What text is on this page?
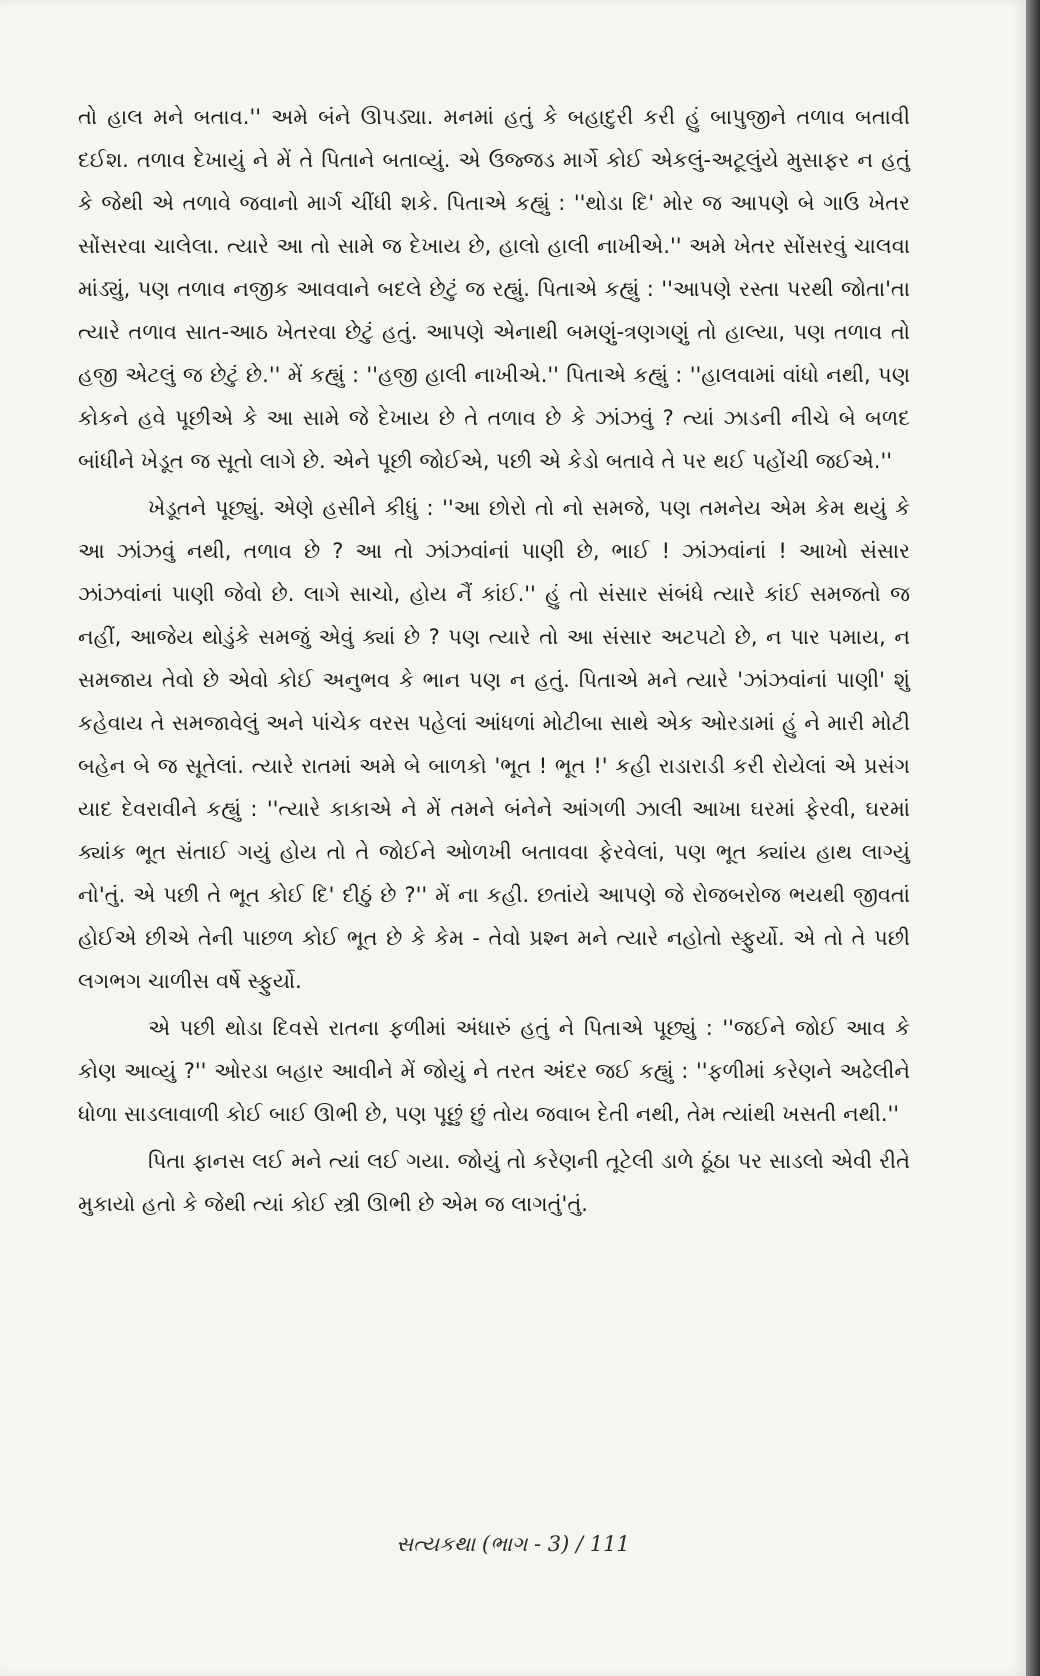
તો હાલ મને બતાવ.'' અમે બંને ઊપડ્યા. મનમાં હતું કે બહાદુરી કરી હું બાપુજીને તળાવ બતાવી દઈશ. તળાવ દેખાયું ને મેં તે પિતાને બતાવ્યું. એ ઉજ્જડ માર્ગે કોઈ એકલું-અટૂલુંયે મુસાફર ન હતું કે જેથી એ તળાવે જવાનો માર્ગ ચીંધી શકે. પિતાએ કહ્યું : ''થોડા દિ' મોર જ આપણે બે ગાઉ ખેતર સોંસરવા ચાલેલા. ત્યારે આ તો સામે જ દેખાય છે, હાલો હાલી નાખીએ.'' અમે ખેતર સોંસરવું ચાલવા માંડ્યું, પણ તળાવ નજીક આવવાને બદલે છેટું જ રહ્યું. પિતાએ કહ્યું : ''આપણે રસ્તા પરથી જોતા'તા ત્યારે તળાવ સાત-આઠ ખેતરવા છેટું હતું. આપણે એનાથી બમણું-ત્રણગણું તો હાલ્યા, પણ તળાવ તો હજી એટલું જ છેટું છે.'' મેં કહ્યું : ''હજી હાલી નાખીએ.'' પિતાએ કહ્યું : ''હાલવામાં વાંધો નથી, પણ કોકને હવે પૂછીએ કે આ સામે જે દેખાય છે તે તળાવ છે કે ઝાંઝવું ? ત્યાં ઝાડની નીચે બે બળદ બાંધીને ખેડૂત જ સૂતો લાગે છે. એને પૂછી જોઈએ, પછી એ કેડો બતાવે તે પર થઈ પહોંચી જઈએ.''

ખેડૂતને પૂછ્યું. એણે હસીને કીધું : ''આ છોરો તો નો સમજે, પણ તમનેય એમ કેમ થયું કે આ ઝાંઝવું નથી, તળાવ છે ? આ તો ઝાંઝવાંનાં પાણી છે, ભાઈ ! ઝાંઝવાંનાં ! આખો સંસાર ઝાંઝવાંનાં પાણી જેવો છે. લાગે સાચો, હોય નૈં કાંઈ.'' હું તો સંસાર સંબંધે ત્યારે કાંઈ સમજતો જ નહીં, આજેય થોડુંકે સમજું એવું ક્યાં છે ? પણ ત્યારે તો આ સંસાર અટપટો છે, ન પાર પમાય, ન સમજાય તેવો છે એવો કોઈ અનુભવ કે ભાન પણ ન હતું. પિતાએ મને ત્યારે 'ઝાંઝવાંનાં પાણી' શું કહેવાય તે સમજાવેલું અને પાંચેક વરસ પહેલાં આંધળાં મોટીબા સાથે એક ઓરડામાં હું ને મારી મોટી બહેન બે જ સૂતેલાં. ત્યારે રાતમાં અમે બે બાળકો 'ભૂત ! ભૂત !' કહી રાડારાડી કરી રોયેલાં એ પ્રસંગ યાદ દેવરાવીને કહ્યું : ''ત્યારે કાકાએ ને મેં તમને બંનેને આંગળી ઝાલી આખા ઘરમાં ફેરવી, ઘરમાં ક્યાંક ભૂત સંતાઈ ગયું હોય તો તે જોઈને ઓળખી બતાવવા ફેરવેલાં, પણ ભૂત ક્યાંય હાથ લાગ્યું નો'તું. એ પછી તે ભૂત કોઈ દિ' દીઠું છે ?'' મેં ના કહી. છતાંયે આપણે જે રોજબરોજ ભયથી જીવતાં હોઈએ છીએ તેની પાછળ કોઈ ભૂત છે કે કેમ - તેવો પ્રશ્ન મને ત્યારે નહોતો સ્ફુર્યો. એ તો તે પછી લગભગ ચાળીસ વર્ષે સ્ફુર્યો.

એ પછી થોડા દિવસે રાતના ફળીમાં અંધારું હતું ને પિતાએ પૂછ્યું : ''જઈને જોઈ આવ કે કોણ આવ્યું ?'' ઓરડા બહાર આવીને મેં જોયું ને તરત અંદર જઈ કહ્યું : ''ફળીમાં કરેણને અઢેલીને ધોળા સાડલાવાળી કોઈ બાઈ ઊભી છે, પણ પૂછું છું તોય જવાબ દેતી નથી, તેમ ત્યાંથી ખસતી નથી.''

પિતા ફાનસ લઈ મને ત્યાં લઈ ગયા. જોયું તો કરેણની તૂટેલી ડાળે ઠૂંઠા પર સાડલો એવી રીતે મુકાયો હતો કે જેથી ત્યાં કોઈ સ્ત્રી ઊભી છે એમ જ લાગતું'તું.

સત્યકથા (ભાગ - 3) / 111
